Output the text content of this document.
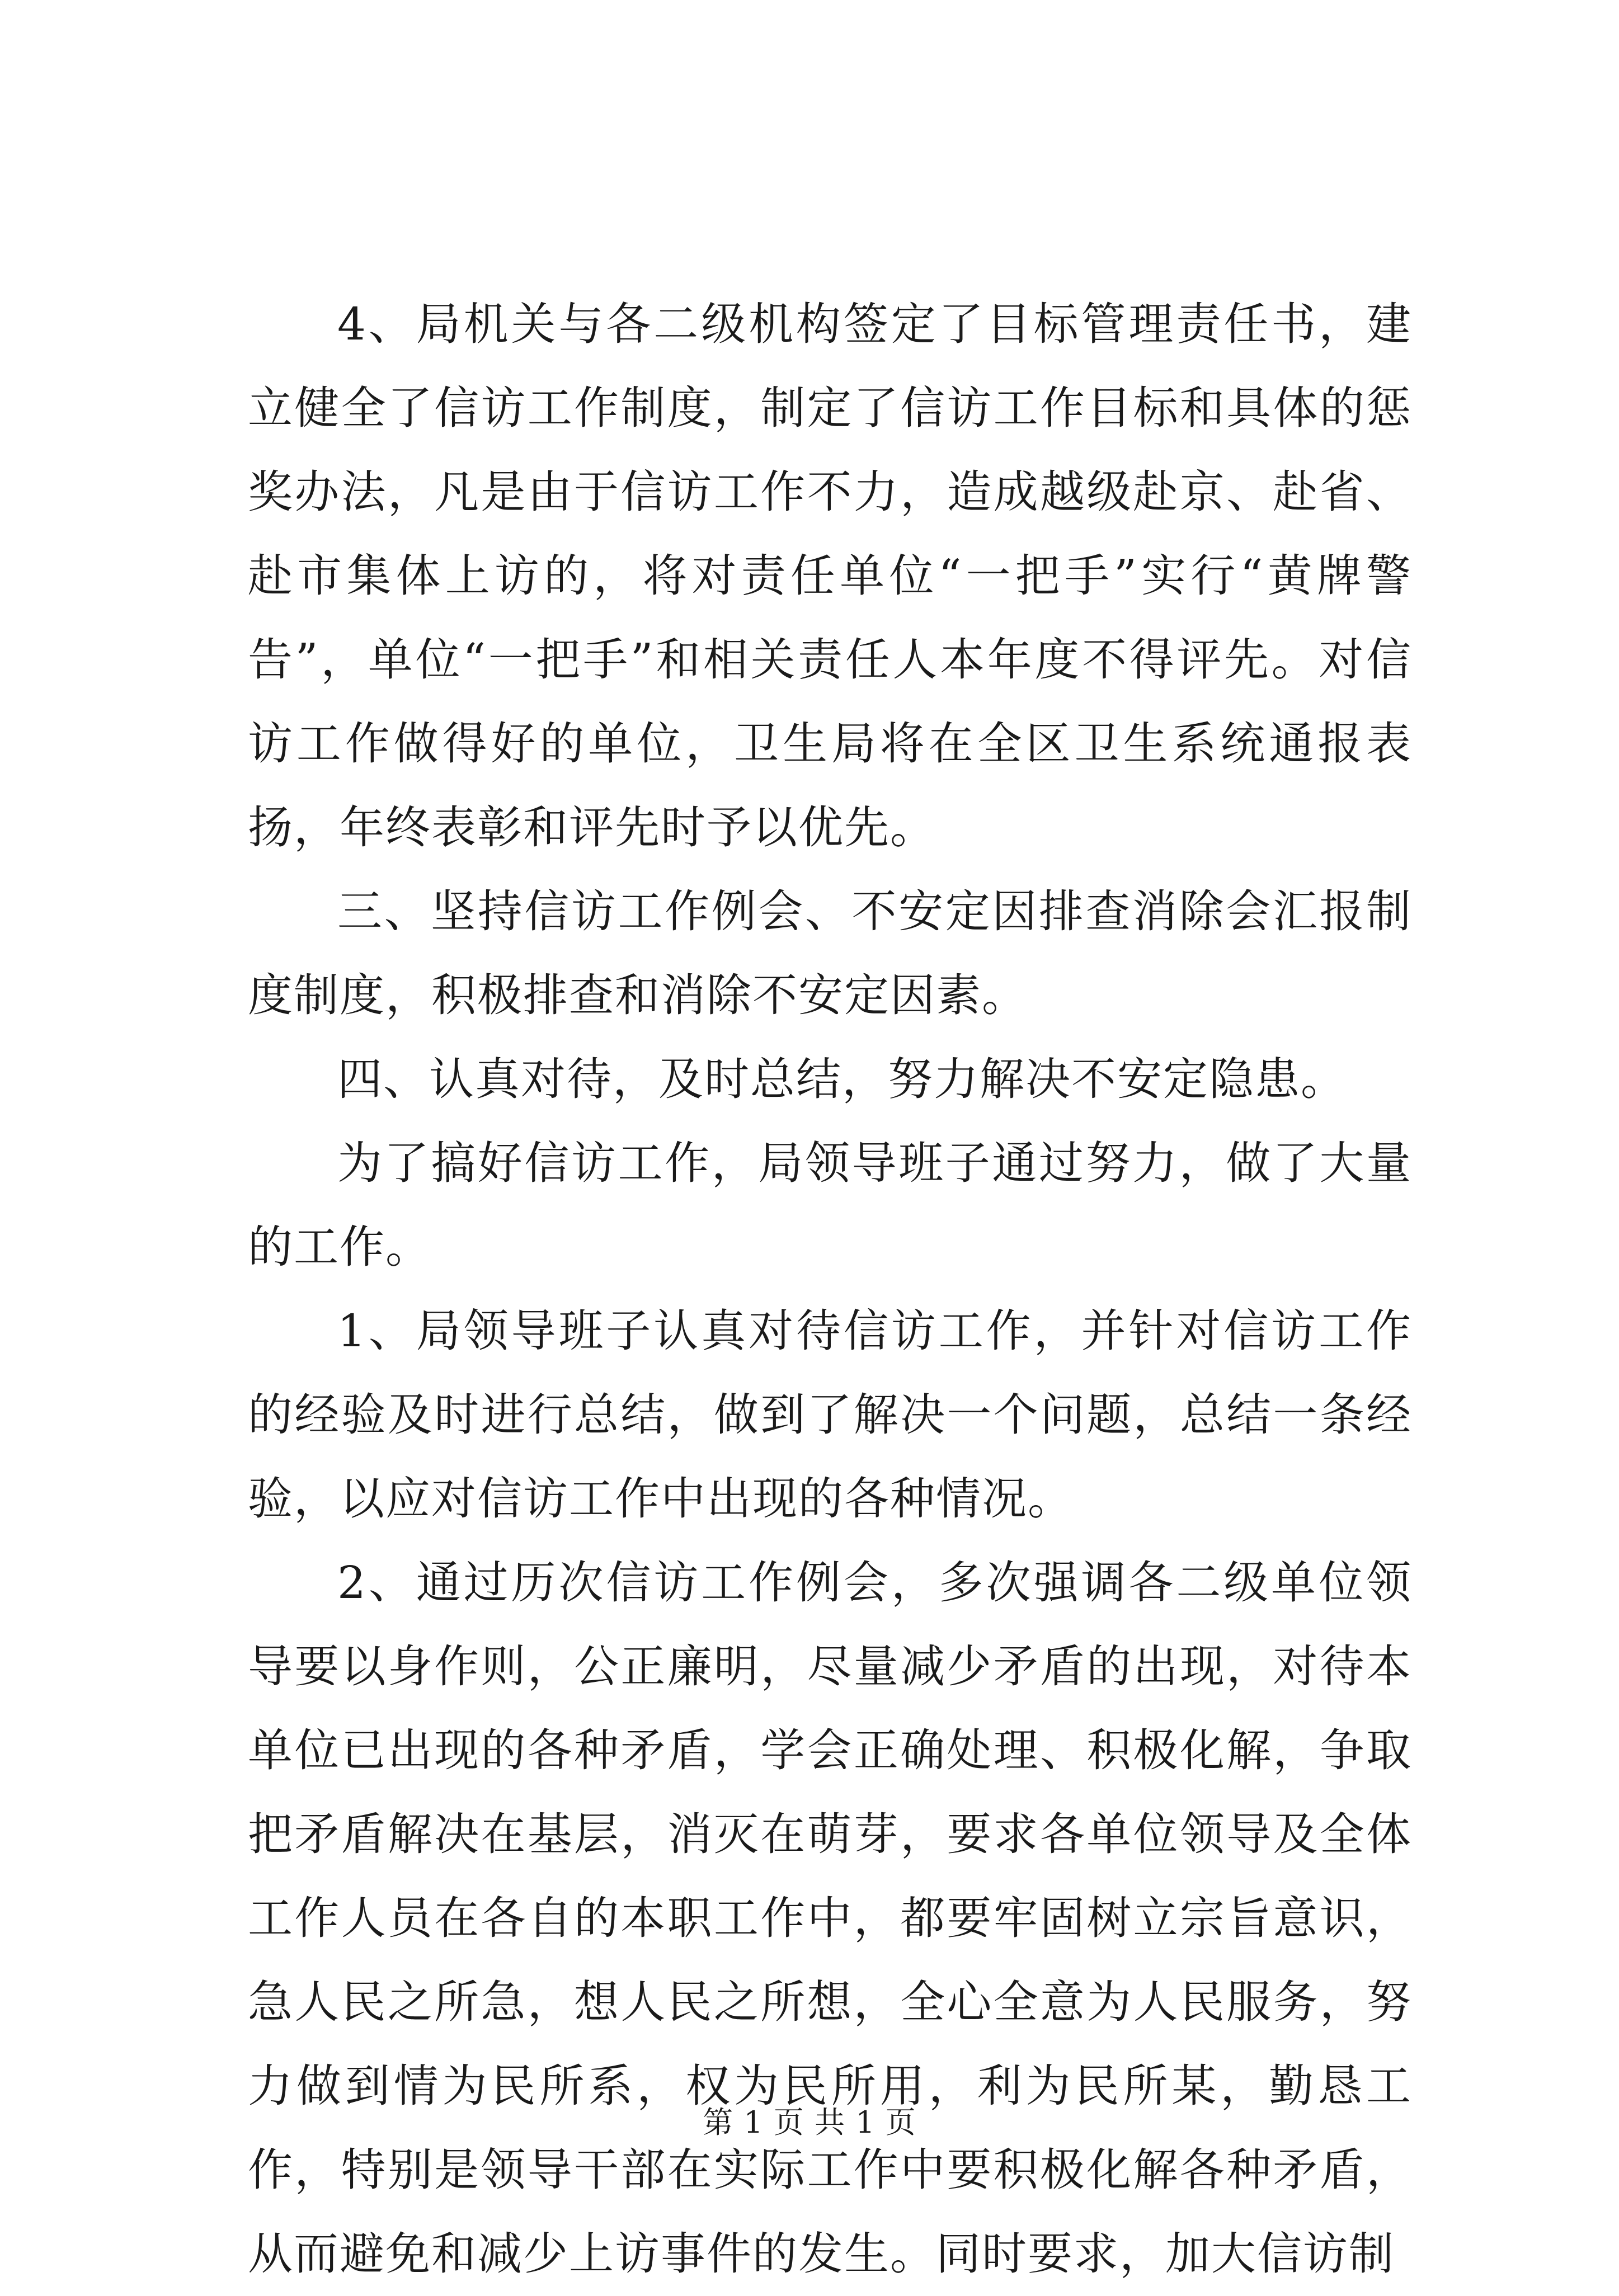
4、局机关与各二级机构签定了目标管理责任书，建立健全了信访工作制度，制定了信访工作目标和具体的惩奖办法，凡是由于信访工作不力，造成越级赴京、赴省、赴市集体上访的，将对责任单位“一把手”实行“黄牌警告”，单位“一把手”和相关责任人本年度不得评先。对信访工作做得好的单位，卫生局将在全区卫生系统通报表扬，年终表彰和评先时予以优先。

三、坚持信访工作例会、不安定因排查消除会汇报制度制度，积极排查和消除不安定因素。

四、认真对待，及时总结，努力解决不安定隐患。

为了搞好信访工作，局领导班子通过努力，做了大量的工作。

1、局领导班子认真对待信访工作，并针对信访工作的经验及时进行总结，做到了解决一个问题，总结一条经验，以应对信访工作中出现的各种情况。

2、通过历次信访工作例会，多次强调各二级单位领导要以身作则，公正廉明，尽量减少矛盾的出现，对待本单位已出现的各种矛盾，学会正确处理、积极化解，争取把矛盾解决在基层，消灭在萌芽，要求各单位领导及全体工作人员在各自的本职工作中，都要牢固树立宗旨意识，急人民之所急，想人民之所想，全心全意为人民服务，努力做到情为民所系，权为民所用，利为民所某，勤恳工作，特别是领导干部在实际工作中要积极化解各种矛盾，从而避免和减少上访事件的发生。同时要求，加大信访制

第 1 页 共 1 页
